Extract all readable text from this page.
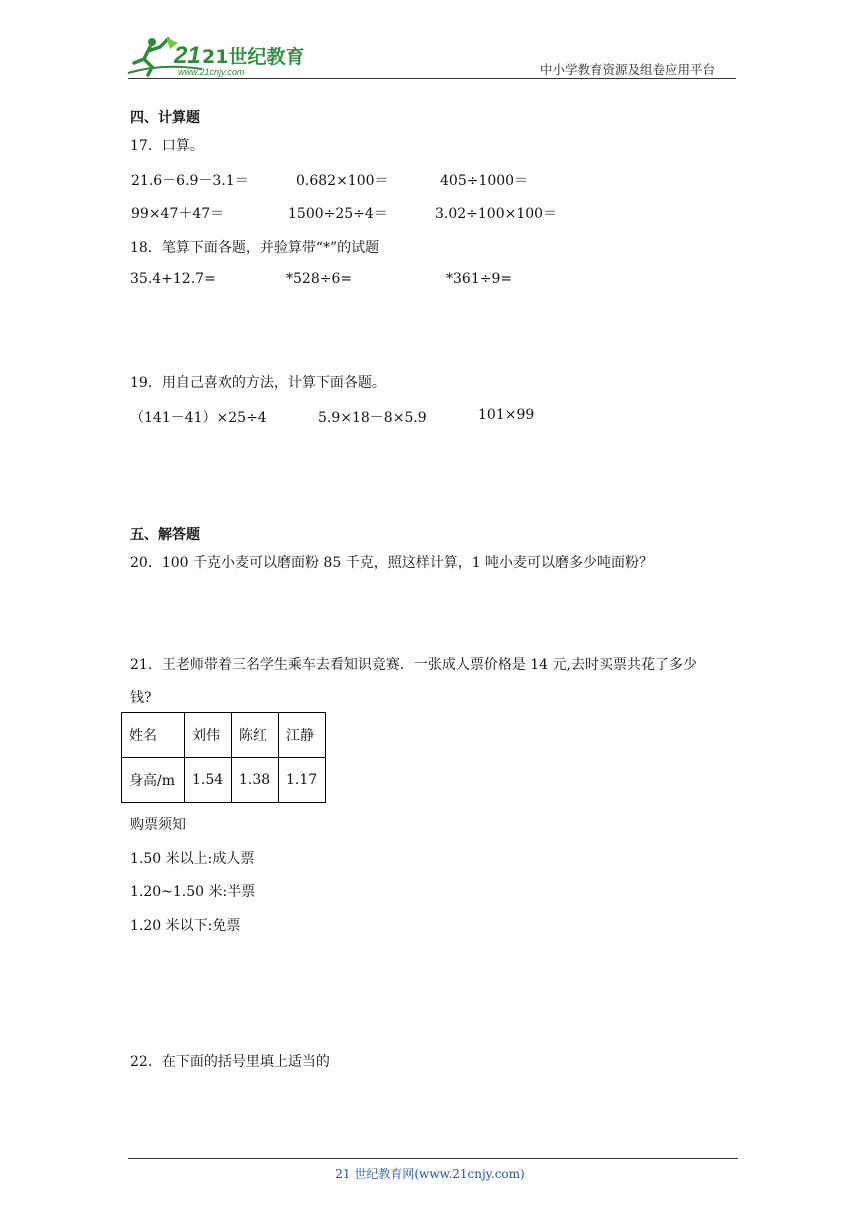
21 21世纪教育
www.21cnjy.com	中小学教育资源及组卷应用平台
四、计算题
17．口算。
21.6－6.9－3.1＝	0.682×100＝	405÷1000＝
99×47＋47＝	1500÷25÷4＝	3.02÷100×100＝
18．笔算下面各题，并验算带“*”的试题
35.4+12.7=	*528÷6=	*361÷9=
19．用自己喜欢的方法，计算下面各题。
（141－41）×25÷4	5.9×18－8×5.9	101×99
五、解答题
20．100 千克小麦可以磨面粉 85 千克，照这样计算，1 吨小麦可以磨多少吨面粉？
21．王老师带着三名学生乘车去看知识竞赛．一张成人票价格是 14 元,去时买票共花了多少
钱?
姓名	刘伟	陈红	江静
身高/m	1.54	1.38	1.17
购票须知
1.50 米以上:成人票
1.20~1.50 米:半票
1.20 米以下:免票
22．在下面的括号里填上适当的
21 世纪教育网(www.21cnjy.com)
